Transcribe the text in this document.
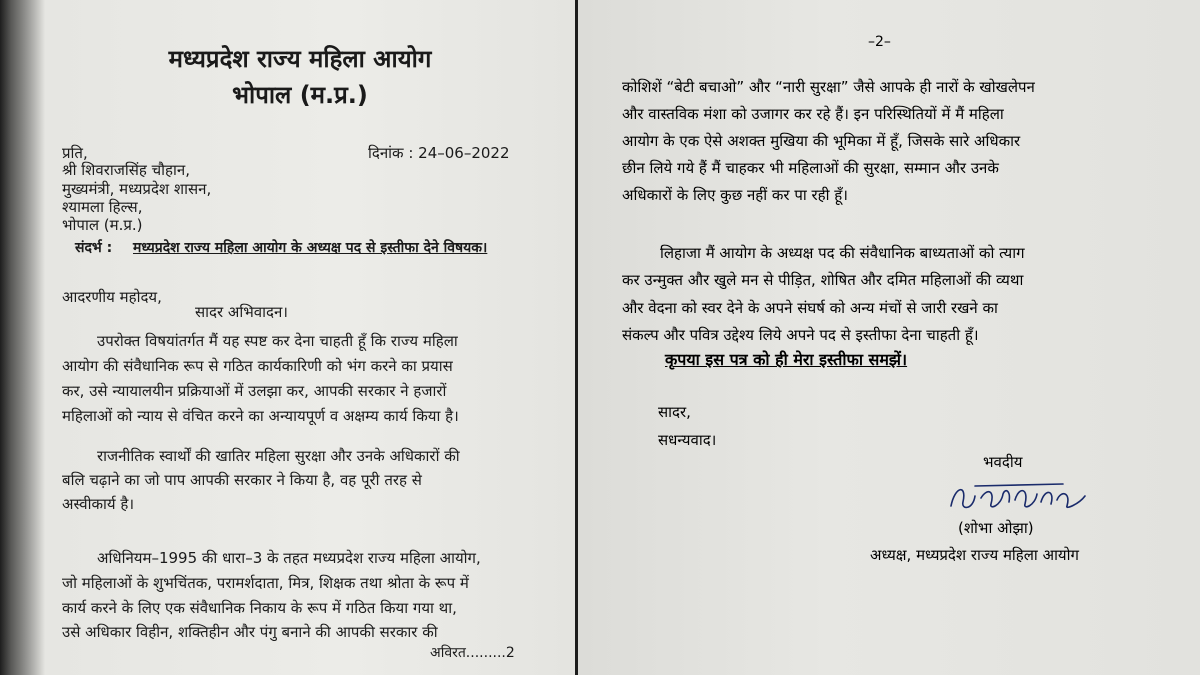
मध्यप्रदेश राज्य महिला आयोग
भोपाल (म.प्र.)
प्रति,	दिनांक : 24–06–2022
श्री शिवराजसिंह चौहान,
मुख्यमंत्री, मध्यप्रदेश शासन,
श्यामला हिल्स,
भोपाल (म.प्र.)
संदर्भ : मध्यप्रदेश राज्य महिला आयोग के अध्यक्ष पद से इस्तीफा देने विषयक।
आदरणीय महोदय,
सादर अभिवादन।
उपरोक्त विषयांतर्गत मैं यह स्पष्ट कर देना चाहती हूँ कि राज्य महिला
आयोग की संवैधानिक रूप से गठित कार्यकारिणी को भंग करने का प्रयास
कर, उसे न्यायालयीन प्रक्रियाओं में उलझा कर, आपकी सरकार ने हजारों
महिलाओं को न्याय से वंचित करने का अन्यायपूर्ण व अक्षम्य कार्य किया है।
राजनीतिक स्वार्थों की खातिर महिला सुरक्षा और उनके अधिकारों की
बलि चढ़ाने का जो पाप आपकी सरकार ने किया है, वह पूरी तरह से
अस्वीकार्य है।
अधिनियम–1995 की धारा–3 के तहत मध्यप्रदेश राज्य महिला आयोग,
जो महिलाओं के शुभचिंतक, परामर्शदाता, मित्र, शिक्षक तथा श्रोता के रूप में
कार्य करने के लिए एक संवैधानिक निकाय के रूप में गठित किया गया था,
उसे अधिकार विहीन, शक्तिहीन और पंगु बनाने की आपकी सरकार की
अविरत.........2
–2–
कोशिशें “बेटी बचाओ” और “नारी सुरक्षा” जैसे आपके ही नारों के खोखलेपन
और वास्तविक मंशा को उजागर कर रहे हैं। इन परिस्थितियों में मैं महिला
आयोग के एक ऐसे अशक्त मुखिया की भूमिका में हूँ, जिसके सारे अधिकार
छीन लिये गये हैं मैं चाहकर भी महिलाओं की सुरक्षा, सम्मान और उनके
अधिकारों के लिए कुछ नहीं कर पा रही हूँ।
लिहाजा मैं आयोग के अध्यक्ष पद की संवैधानिक बाध्यताओं को त्याग
कर उन्मुक्त और खुले मन से पीड़ित, शोषित और दमित महिलाओं की व्यथा
और वेदना को स्वर देने के अपने संघर्ष को अन्य मंचों से जारी रखने का
संकल्प और पवित्र उद्देश्य लिये अपने पद से इस्तीफा देना चाहती हूँ।
कृपया इस पत्र को ही मेरा इस्तीफा समझें।
सादर,
सधन्यवाद।
भवदीय
(शोभा ओझा)
अध्यक्ष, मध्यप्रदेश राज्य महिला आयोग
